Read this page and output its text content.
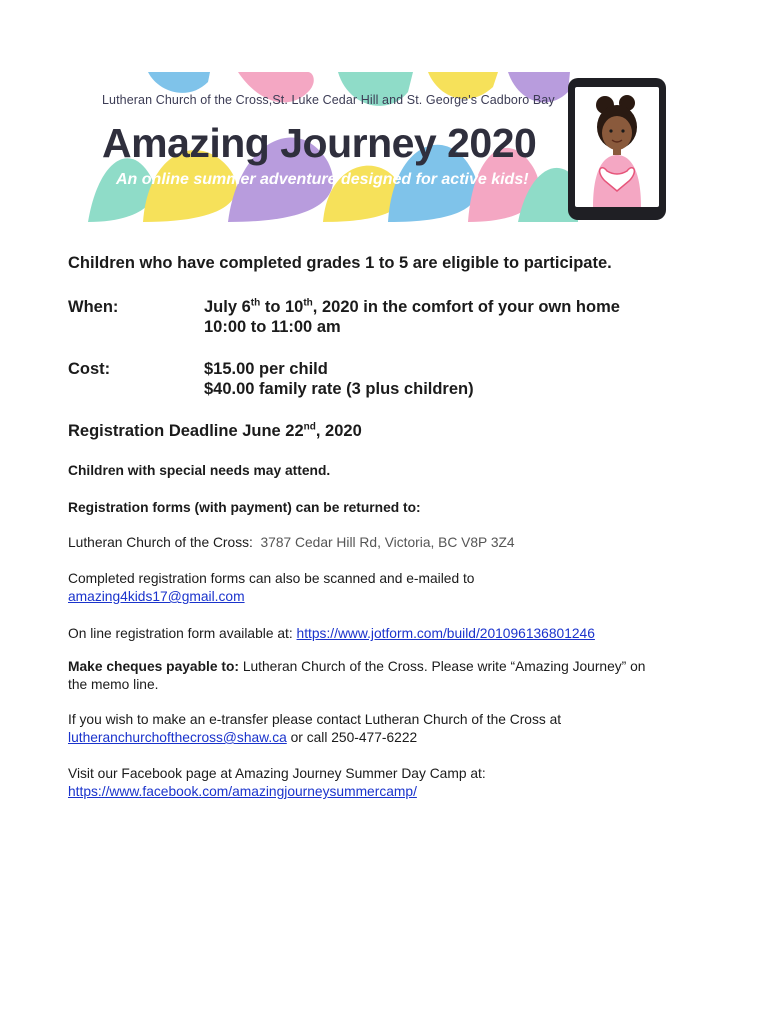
Lutheran Church of the Cross,St. Luke Cedar Hill and St. George's Cadboro Bay
Amazing Journey 2020
An online summer adventure designed for active kids!
Children who have completed grades 1 to 5 are eligible to participate.
When:	July 6th to 10th, 2020 in the comfort of your own home
10:00 to 11:00 am
Cost:	$15.00 per child
$40.00 family rate (3 plus children)
Registration Deadline June 22nd, 2020
Children with special needs may attend.
Registration forms (with payment) can be returned to:
Lutheran Church of the Cross: 3787 Cedar Hill Rd, Victoria, BC V8P 3Z4
Completed registration forms can also be scanned and e-mailed to
amazing4kids17@gmail.com
On line registration form available at: https://www.jotform.com/build/201096136801246
Make cheques payable to: Lutheran Church of the Cross. Please write “Amazing Journey” on
the memo line.
If you wish to make an e-transfer please contact Lutheran Church of the Cross at
lutheranchurchofthecross@shaw.ca or call 250-477-6222
Visit our Facebook page at Amazing Journey Summer Day Camp at:
https://www.facebook.com/amazingjourneysummercamp/
